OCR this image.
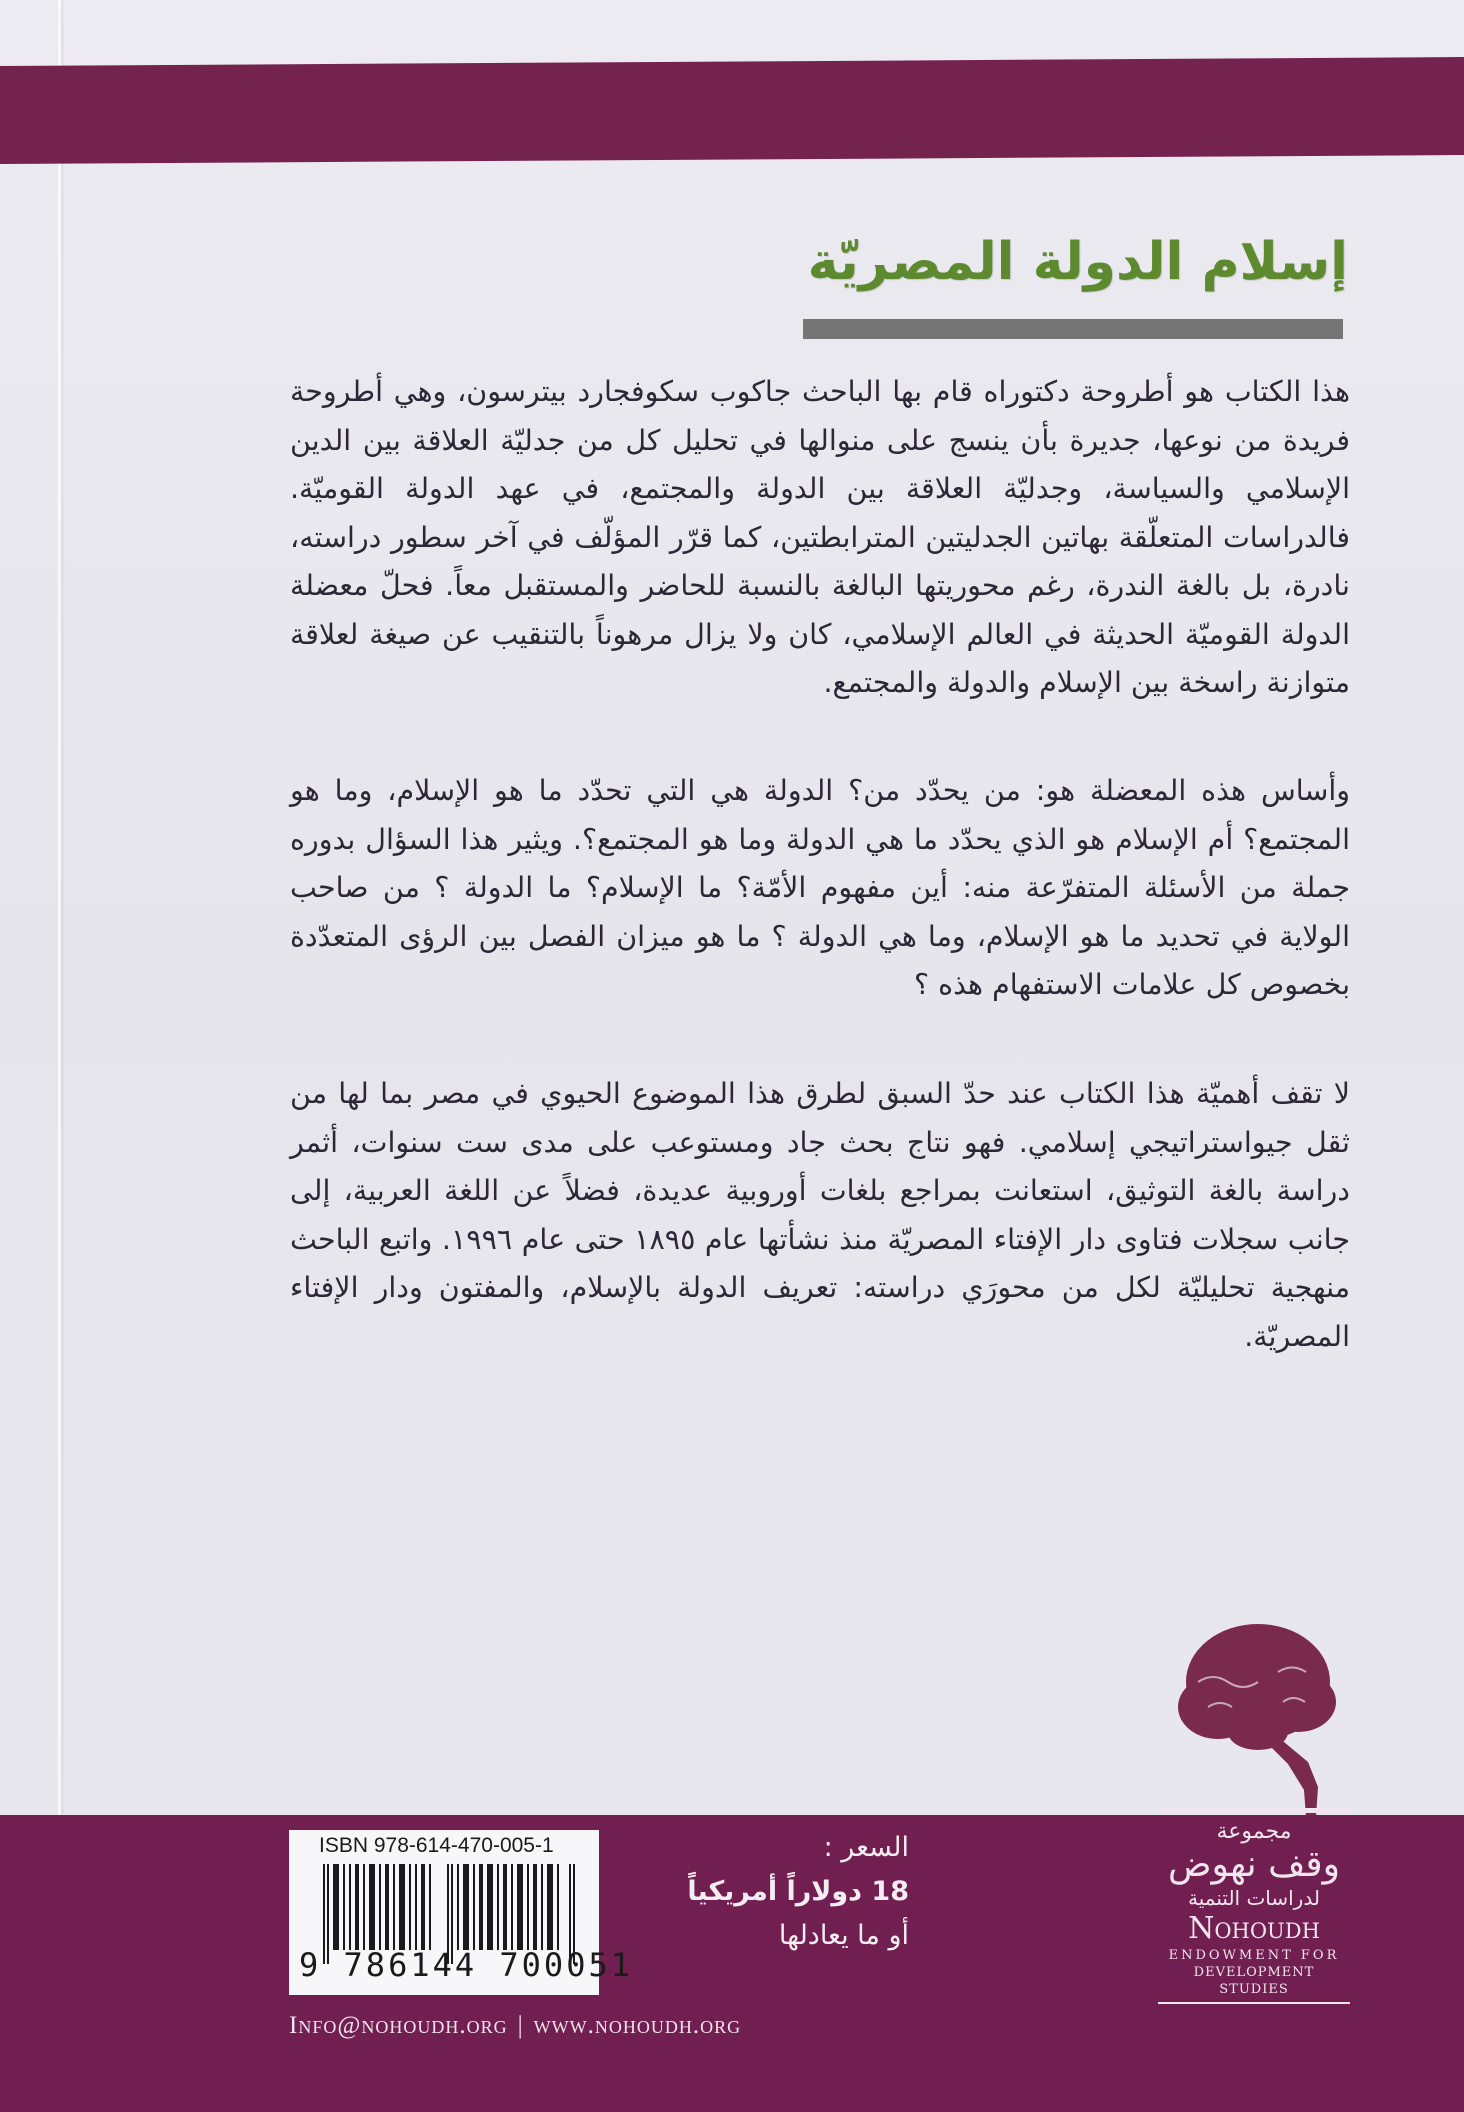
إسلام الدولة المصريّة

هذا الكتاب هو أطروحة دكتوراه قام بها الباحث جاكوب سكوفجارد بيترسون، وهي أطروحة فريدة من نوعها، جديرة بأن ينسج على منوالها في تحليل كل من جدليّة العلاقة بين الدين الإسلامي والسياسة، وجدليّة العلاقة بين الدولة والمجتمع، في عهد الدولة القوميّة. فالدراسات المتعلّقة بهاتين الجدليتين المترابطتين، كما قرّر المؤلّف في آخر سطور دراسته، نادرة، بل بالغة الندرة، رغم محوريتها البالغة بالنسبة للحاضر والمستقبل معاً. فحلّ معضلة الدولة القوميّة الحديثة في العالم الإسلامي، كان ولا يزال مرهوناً بالتنقيب عن صيغة لعلاقة متوازنة راسخة بين الإسلام والدولة والمجتمع.

وأساس هذه المعضلة هو: من يحدّد من؟ الدولة هي التي تحدّد ما هو الإسلام، وما هو المجتمع؟ أم الإسلام هو الذي يحدّد ما هي الدولة وما هو المجتمع؟. ويثير هذا السؤال بدوره جملة من الأسئلة المتفرّعة منه: أين مفهوم الأمّة؟ ما الإسلام؟ ما الدولة ؟ من صاحب الولاية في تحديد ما هو الإسلام، وما هي الدولة ؟ ما هو ميزان الفصل بين الرؤى المتعدّدة بخصوص كل علامات الاستفهام هذه ؟

لا تقف أهميّة هذا الكتاب عند حدّ السبق لطرق هذا الموضوع الحيوي في مصر بما لها من ثقل جيواستراتيجي إسلامي. فهو نتاج بحث جاد ومستوعب على مدى ست سنوات، أثمر دراسة بالغة التوثيق، استعانت بمراجع بلغات أوروبية عديدة، فضلاً عن اللغة العربية، إلى جانب سجلات فتاوى دار الإفتاء المصريّة منذ نشأتها عام ١٨٩٥ حتى عام ١٩٩٦. واتبع الباحث منهجية تحليليّة لكل من محورَي دراسته: تعريف الدولة بالإسلام، والمفتون ودار الإفتاء المصريّة.

مجموعة
وقف نهوض
لدراسات التنمية
Nohoudh
ENDOWMENT FOR
DEVELOPMENT STUDIES
السعر :
18 دولاراً أمريكياً
أو ما يعادلها
ISBN 978-614-470-005-1
9 786144 700051
Info@nohoudh.org | www.nohoudh.org
